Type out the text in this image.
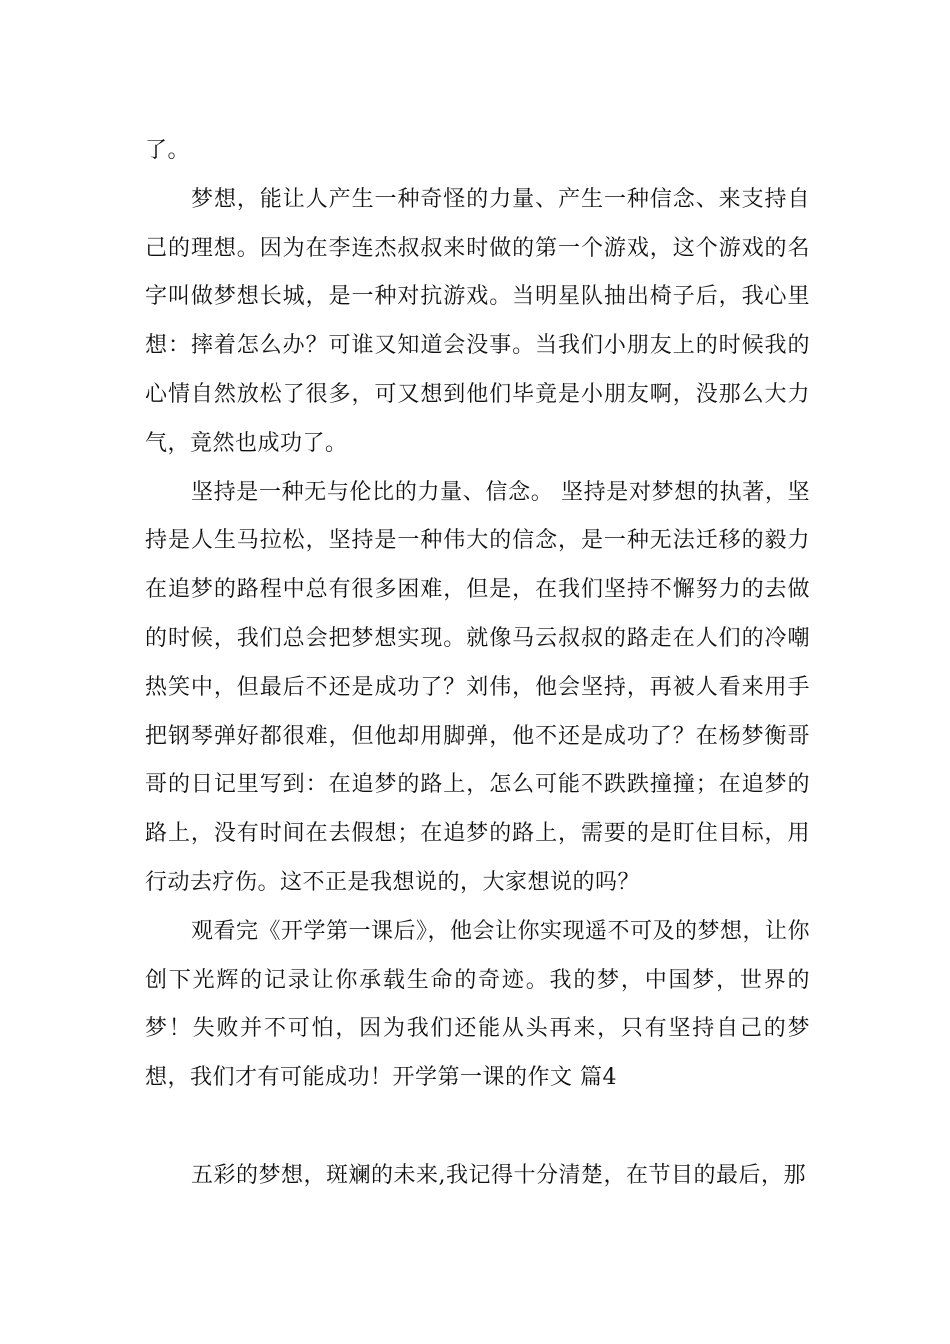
了。

梦想，能让人产生一种奇怪的力量、产生一种信念、来支持自己的理想。因为在李连杰叔叔来时做的第一个游戏，这个游戏的名字叫做梦想长城，是一种对抗游戏。当明星队抽出椅子后，我心里想：摔着怎么办？可谁又知道会没事。当我们小朋友上的时候我的心情自然放松了很多，可又想到他们毕竟是小朋友啊，没那么大力气，竟然也成功了。

坚持是一种无与伦比的力量、信念。 坚持是对梦想的执著，坚持是人生马拉松，坚持是一种伟大的信念，是一种无法迁移的毅力在追梦的路程中总有很多困难，但是，在我们坚持不懈努力的去做的时候，我们总会把梦想实现。就像马云叔叔的路走在人们的冷嘲热笑中，但最后不还是成功了？刘伟，他会坚持，再被人看来用手把钢琴弹好都很难，但他却用脚弹，他不还是成功了？在杨梦衡哥哥的日记里写到：在追梦的路上，怎么可能不跌跌撞撞；在追梦的路上，没有时间在去假想；在追梦的路上，需要的是盯住目标，用行动去疗伤。这不正是我想说的，大家想说的吗？

观看完《开学第一课后》，他会让你实现遥不可及的梦想，让你创下光辉的记录让你承载生命的奇迹。我的梦，中国梦，世界的梦！失败并不可怕，因为我们还能从头再来，只有坚持自己的梦想，我们才有可能成功！开学第一课的作文 篇4

五彩的梦想，斑斓的未来,我记得十分清楚，在节目的最后，那
